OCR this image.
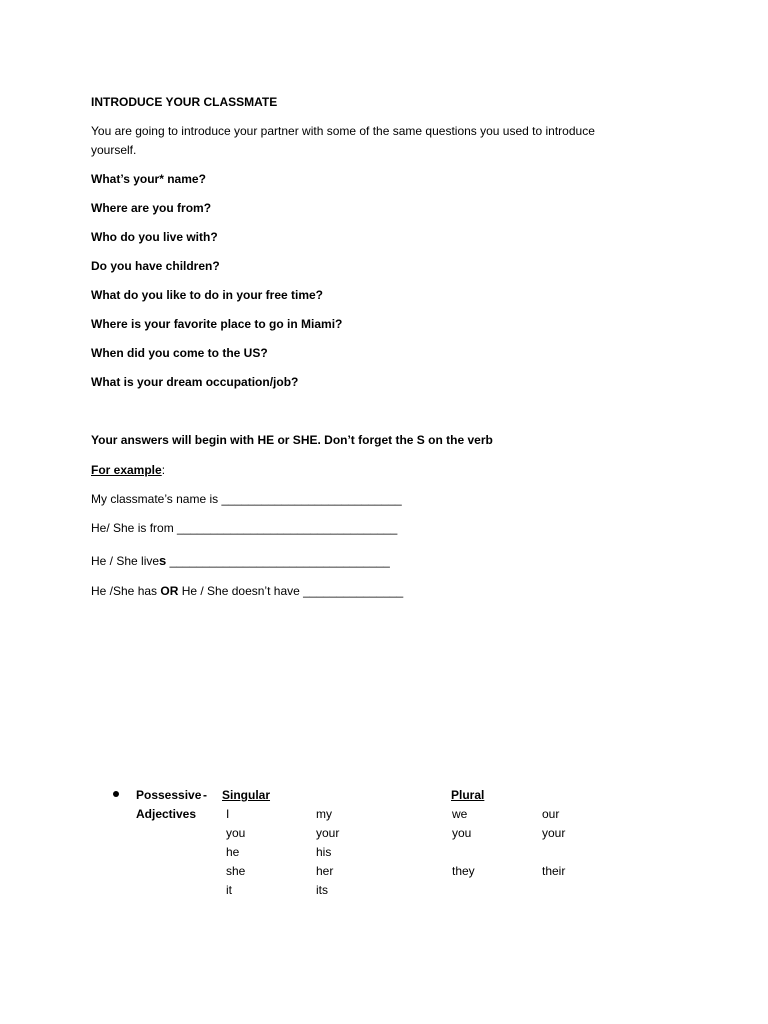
INTRODUCE YOUR CLASSMATE
You are going to introduce your partner with some of the same questions you used to introduce
yourself.
What’s your* name?
Where are you from?
Who do you live with?
Do you have children?
What do you like to do in your free time?
Where is your favorite place to go in Miami?
When did you come to the US?
What is your dream occupation/job?
Your answers will begin with HE or SHE. Don’t forget the S on the verb
For example:
My classmate’s name is ___________________________
He/ She is from _________________________________
He / She lives _________________________________
He /She has OR He / She doesn’t have _______________
Possessive -
Adjectives
Singular	Plural
I
you
he
she
it
my
your
his
her
its
we
you
they
our
your
their
